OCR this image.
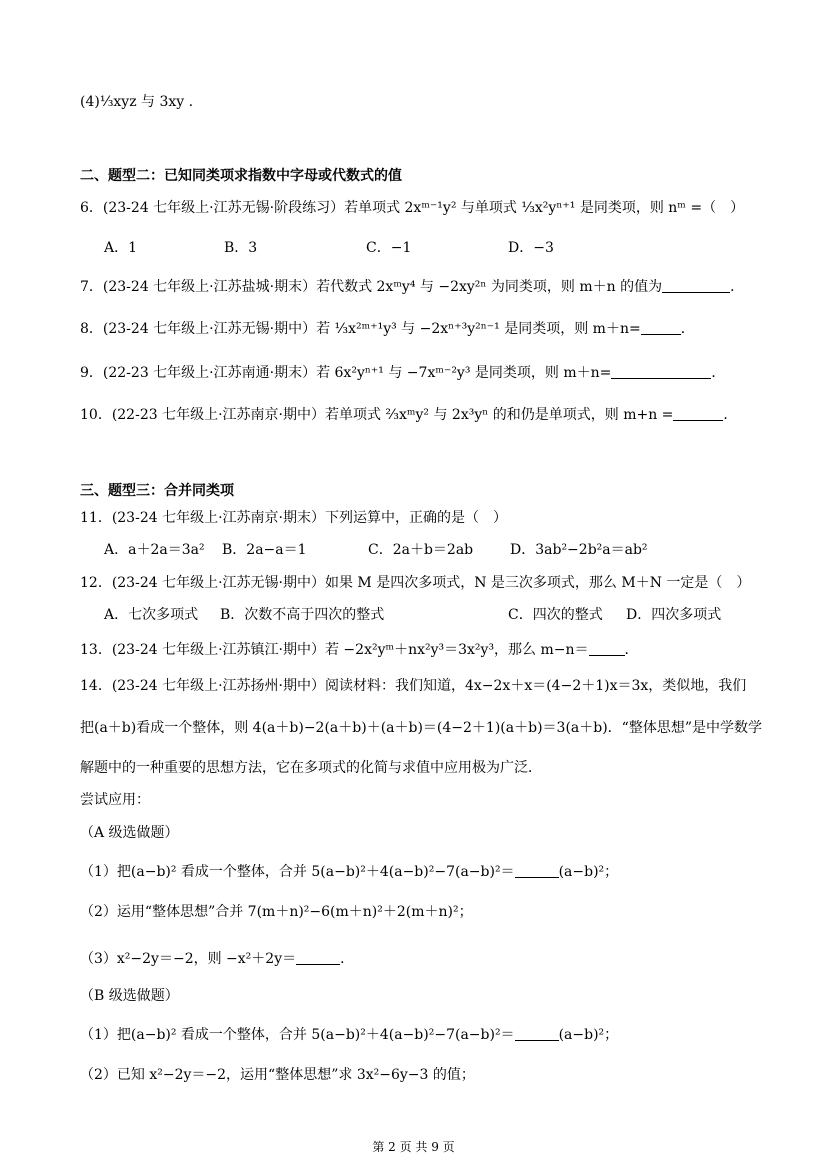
(4)⅓xyz 与 3xy .
二、题型二：已知同类项求指数中字母或代数式的值
6．(23-24 七年级上·江苏无锡·阶段练习）若单项式 2xᵐ⁻¹y² 与单项式 ⅓x²yⁿ⁺¹ 是同类项，则 nᵐ =（　）
A．1	B．3	C．−1	D．−3
7．(23-24 七年级上·江苏盐城·期末）若代数式 2xᵐy⁴ 与 −2xy²ⁿ 为同类项，则 m＋n 的值为	．
8．(23-24 七年级上·江苏无锡·期中）若 ⅓x²ᵐ⁺¹y³ 与 −2xⁿ⁺³y²ⁿ⁻¹ 是同类项，则 m＋n=	．
9．(22-23 七年级上·江苏南通·期末）若 6x²yⁿ⁺¹ 与 −7xᵐ⁻²y³ 是同类项，则 m＋n=	．
10．(22-23 七年级上·江苏南京·期中）若单项式 ⅔xᵐy² 与 2x³yⁿ 的和仍是单项式，则 m+n =	．
三、题型三：合并同类项
11．(23-24 七年级上·江苏南京·期末）下列运算中，正确的是（　）
A．a＋2a＝3a² B．2a−a＝1	C．2a＋b＝2ab	D．3ab²−2b²a＝ab²
12．(23-24 七年级上·江苏无锡·期中）如果 M 是四次多项式，N 是三次多项式，那么 M＋N 一定是（　）
A．七次多项式 B．次数不高于四次的整式	C．四次的整式 D．四次多项式
13．(23-24 七年级上·江苏镇江·期中）若 −2x²yᵐ＋nx²y³＝3x²y³，那么 m−n＝	．
14．(23-24 七年级上·江苏扬州·期中）阅读材料：我们知道，4x−2x＋x＝(4−2＋1)x＝3x，类似地，我们
把(a＋b)看成一个整体，则 4(a＋b)−2(a＋b)＋(a＋b)＝(4−2＋1)(a＋b)＝3(a＋b)．“整体思想”是中学数学
解题中的一种重要的思想方法，它在多项式的化简与求值中应用极为广泛．
尝试应用：
（A 级选做题）
（1）把(a−b)² 看成一个整体，合并 5(a−b)²＋4(a−b)²−7(a−b)²＝	(a−b)²；
（2）运用“整体思想”合并 7(m＋n)²−6(m＋n)²＋2(m＋n)²；
（3）x²−2y＝−2，则 −x²＋2y＝	．
（B 级选做题）
（1）把(a−b)² 看成一个整体，合并 5(a−b)²＋4(a−b)²−7(a−b)²＝	(a−b)²；
（2）已知 x²−2y＝−2，运用“整体思想”求 3x²−6y−3 的值；
第 2 页 共 9 页
